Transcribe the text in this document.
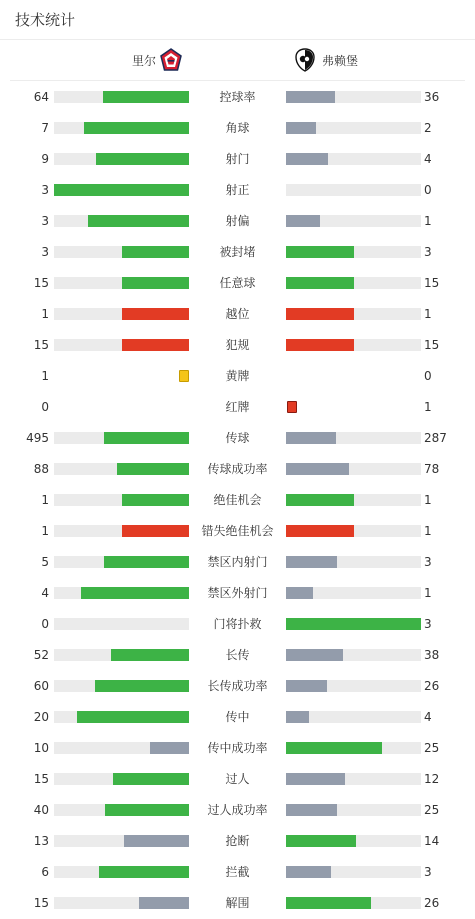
技术统计
里尔	弗赖堡
64	控球率	36
7	角球	2
9	射门	4
3	射正	0
3	射偏	1
3	被封堵	3
15	任意球	15
1	越位	1
15	犯规	15
1	黄牌	0
0	红牌	1
495	传球	287
88	传球成功率	78
1	绝佳机会	1
1	错失绝佳机会	1
5	禁区内射门	3
4	禁区外射门	1
0	门将扑救	3
52	长传	38
60	长传成功率	26
20	传中	4
10	传中成功率	25
15	过人	12
40	过人成功率	25
13	抢断	14
6	拦截	3
15	解围	26
